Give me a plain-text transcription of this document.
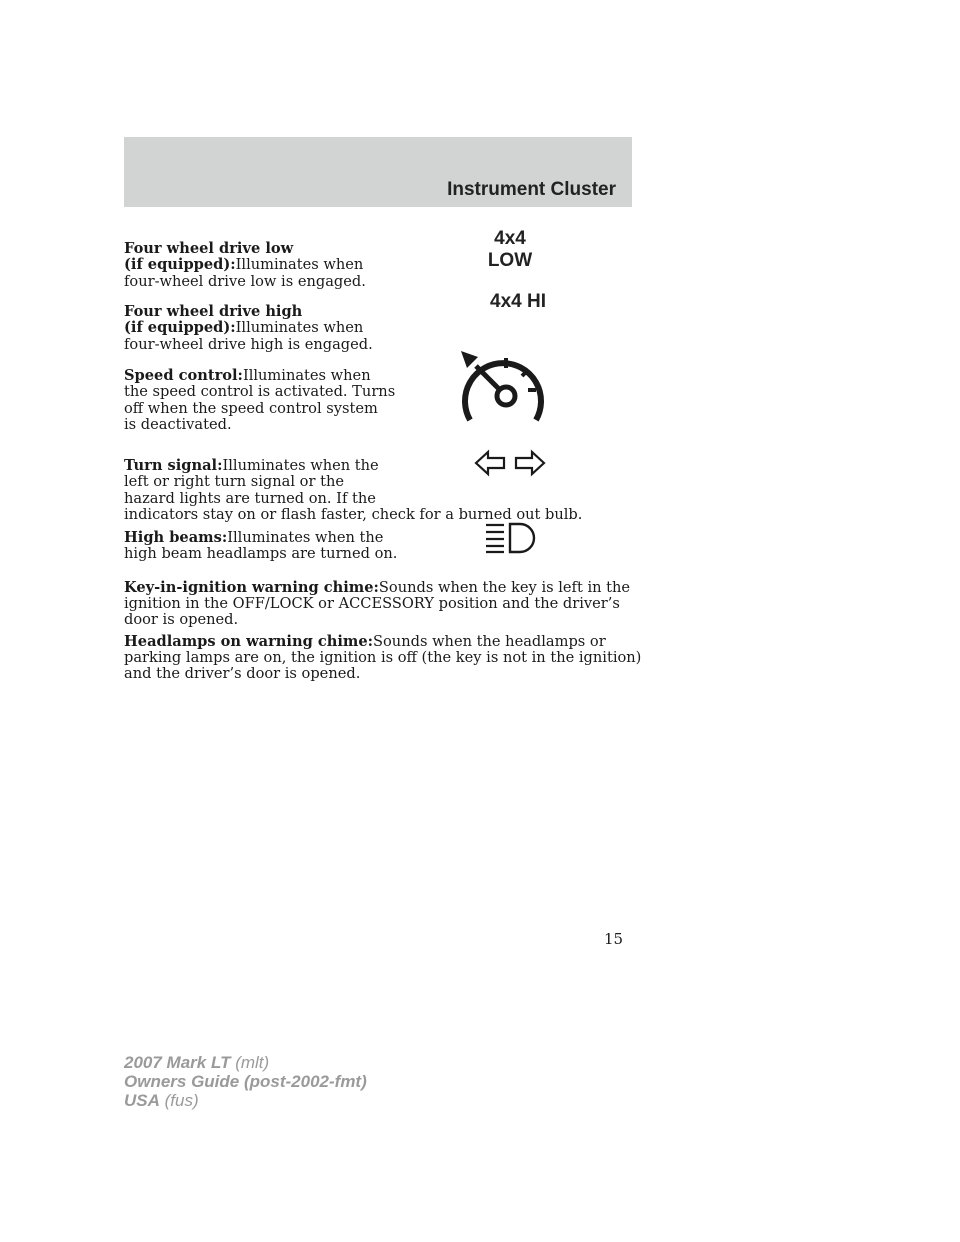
Instrument Cluster

Four wheel drive low
(if equipped):Illuminates when
four-wheel drive low is engaged.

4x4
LOW

Four wheel drive high
(if equipped):Illuminates when
four-wheel drive high is engaged.

4x4 HI

Speed control:Illuminates when
the speed control is activated. Turns
off when the speed control system
is deactivated.

Turn signal:Illuminates when the
left or right turn signal or the
hazard lights are turned on. If the
indicators stay on or flash faster, check for a burned out bulb.

High beams:Illuminates when the
high beam headlamps are turned on.

Key-in-ignition warning chime:Sounds when the key is left in the ignition in the OFF/LOCK or ACCESSORY position and the driver’s door is opened.
Headlamps on warning chime:Sounds when the headlamps or parking lamps are on, the ignition is off (the key is not in the ignition) and the driver’s door is opened.
15
2007 Mark LT (mlt)
Owners Guide (post-2002-fmt)
USA (fus)
